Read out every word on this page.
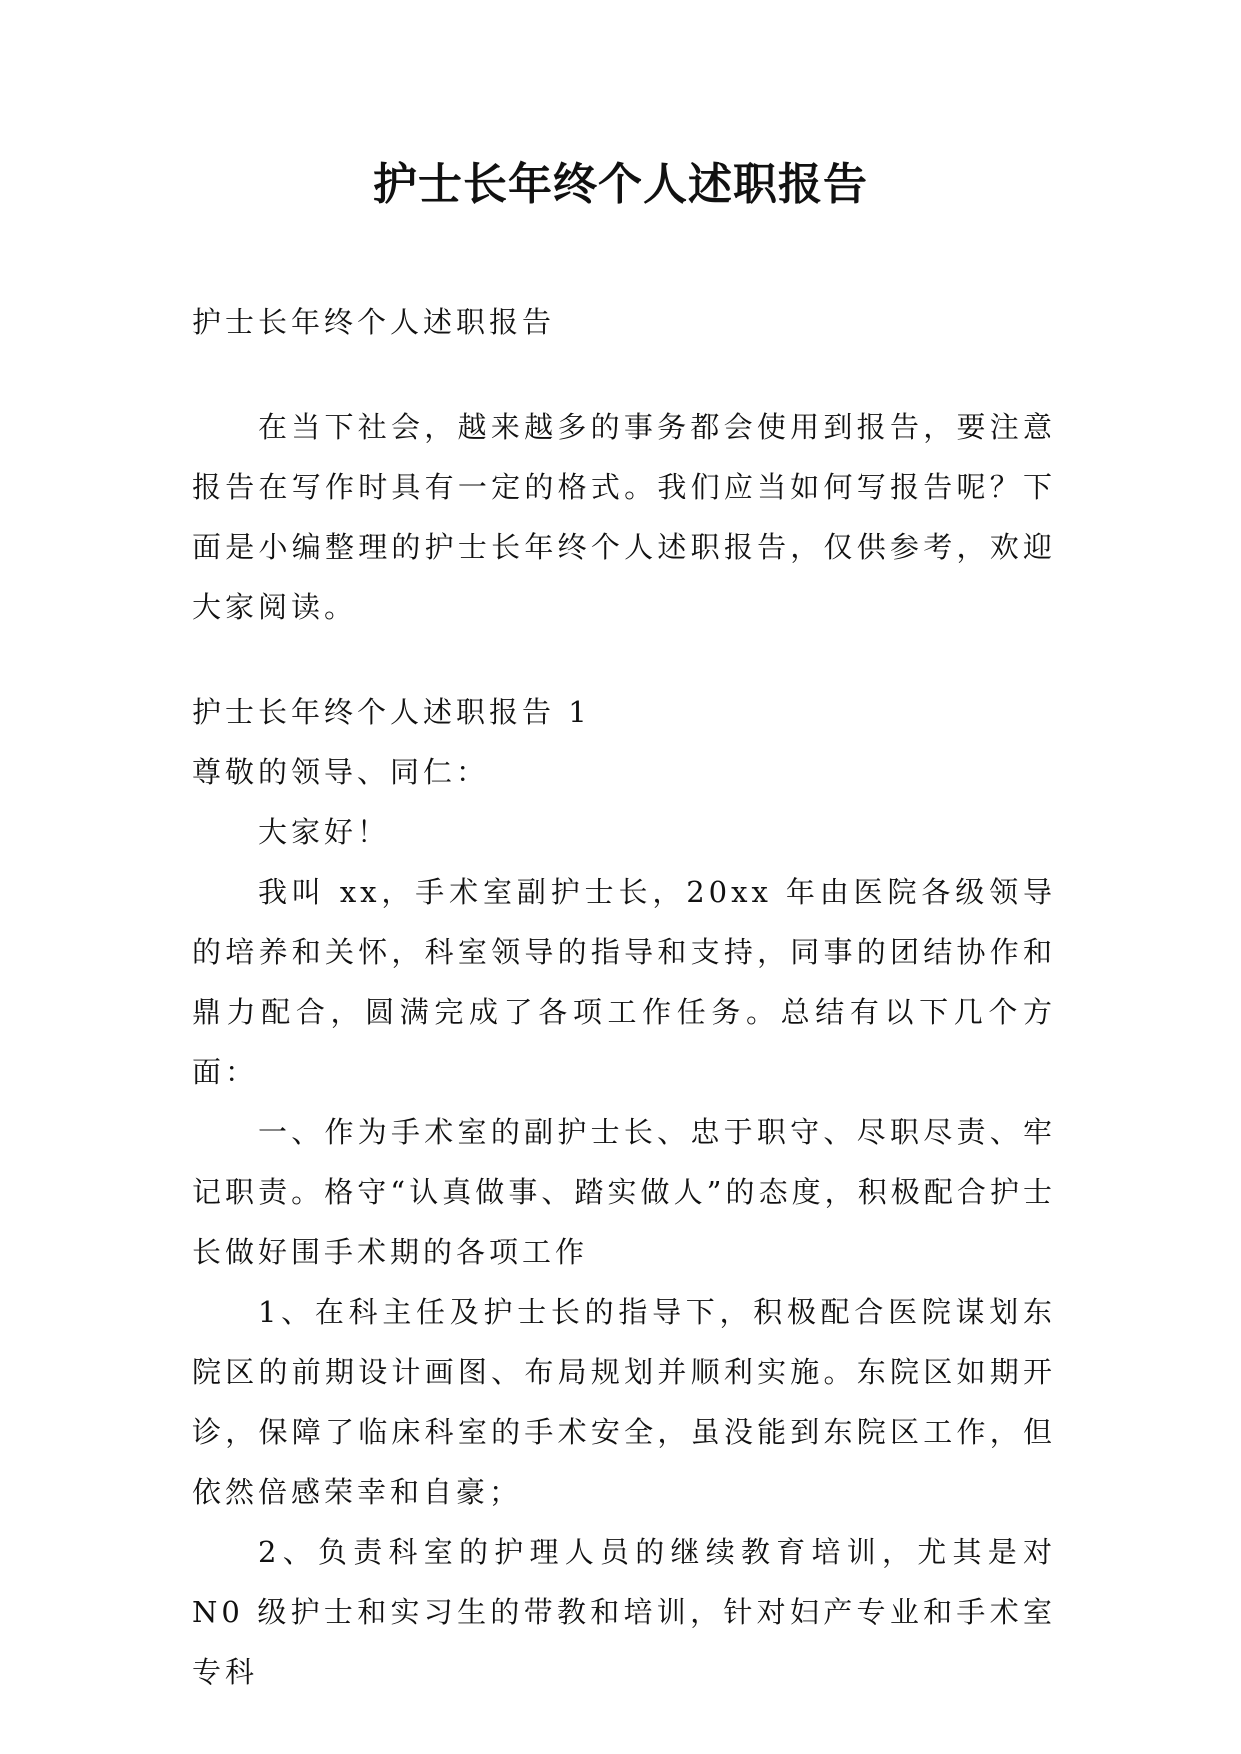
护士长年终个人述职报告

护士长年终个人述职报告

在当下社会，越来越多的事务都会使用到报告，要注意报告在写作时具有一定的格式。我们应当如何写报告呢？下面是小编整理的护士长年终个人述职报告，仅供参考，欢迎大家阅读。

护士长年终个人述职报告 1

尊敬的领导、同仁：

大家好！

我叫 xx，手术室副护士长，20xx 年由医院各级领导的培养和关怀，科室领导的指导和支持，同事的团结协作和鼎力配合，圆满完成了各项工作任务。总结有以下几个方面：

一、作为手术室的副护士长、忠于职守、尽职尽责、牢记职责。格守“认真做事、踏实做人”的态度，积极配合护士长做好围手术期的各项工作

1、在科主任及护士长的指导下，积极配合医院谋划东院区的前期设计画图、布局规划并顺利实施。东院区如期开诊，保障了临床科室的手术安全，虽没能到东院区工作，但依然倍感荣幸和自豪；

2、负责科室的护理人员的继续教育培训，尤其是对 N0 级护士和实习生的带教和培训，针对妇产专业和手术室专科
